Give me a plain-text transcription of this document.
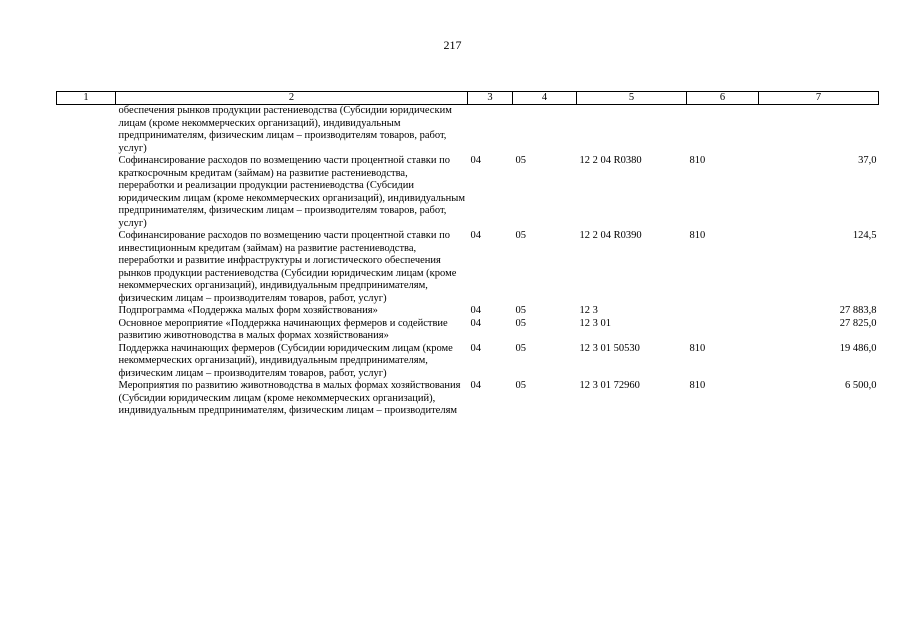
217
1	2	3	4	5	6	7
	обеспечения рынков продукции растениеводства (Субсидии юридическим лицам (кроме некоммерческих организаций), индивидуальным предпринимателям, физическим лицам – производителям товаров, работ, услуг)					
	Софинансирование расходов по возмещению части процентной ставки по краткосрочным кредитам (займам) на развитие растениеводства, переработки и реализации продукции растениеводства (Субсидии юридическим лицам (кроме некоммерческих организаций), индивидуальным предпринимателям, физическим лицам – производителям товаров, работ, услуг)	04	05	12 2 04 R0380	810	37,0
	Софинансирование расходов по возмещению части процентной ставки по инвестиционным кредитам (займам) на развитие растениеводства, переработки и развитие инфраструктуры и логистического обеспечения рынков продукции растениеводства (Субсидии юридическим лицам (кроме некоммерческих организаций), индивидуальным предпринимателям, физическим лицам – производителям товаров, работ, услуг)	04	05	12 2 04 R0390	810	124,5
	Подпрограмма «Поддержка малых форм хозяйствования»	04	05	12 3		27 883,8
	Основное мероприятие «Поддержка начинающих фермеров и содействие развитию животноводства в малых формах хозяйствования»	04	05	12 3 01		27 825,0
	Поддержка начинающих фермеров (Субсидии юридическим лицам (кроме некоммерческих организаций), индивидуальным предпринимателям, физическим лицам – производителям товаров, работ, услуг)	04	05	12 3 01 50530	810	19 486,0
	Мероприятия по развитию животноводства в малых формах хозяйствования (Субсидии юридическим лицам (кроме некоммерческих организаций), индивидуальным предпринимателям, физическим лицам – производителям	04	05	12 3 01 72960	810	6 500,0
